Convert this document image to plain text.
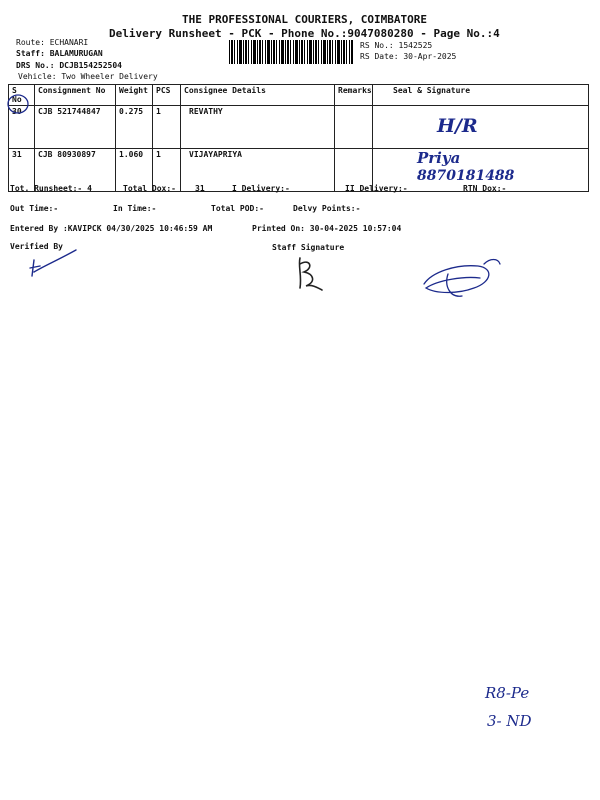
THE PROFESSIONAL COURIERS, COIMBATORE
Delivery Runsheet - PCK - Phone No.:9047080280 - Page No.:4
Route: ECHANARI
Staff: BALAMURUGAN
DRS No.: DCJB154252504
Vehicle: Two Wheeler Delivery
RS No.: 1542525
RS Date: 30-Apr-2025
S No	Consignment No	Weight	PCS	Consignee Details	Remarks	Seal & Signature
30	CJB 521744847	0.275	1	REVATHY		H/R

31	CJB 80930897	1.060	1	VIJAYAPRIYA		Priya
8870181488
Tot. Runsheet:- 4	Total Dox:- 31	I Delivery:-	II Delivery:-	RTN Dox:-
Out Time:-	In Time:-	Total POD:-	Delvy Points:-
Entered By :KAVIPCK 04/30/2025 10:46:59 AM	Printed On: 30-04-2025 10:57:04
Verified By	Staff Signature
R8-Pe
3- ND
